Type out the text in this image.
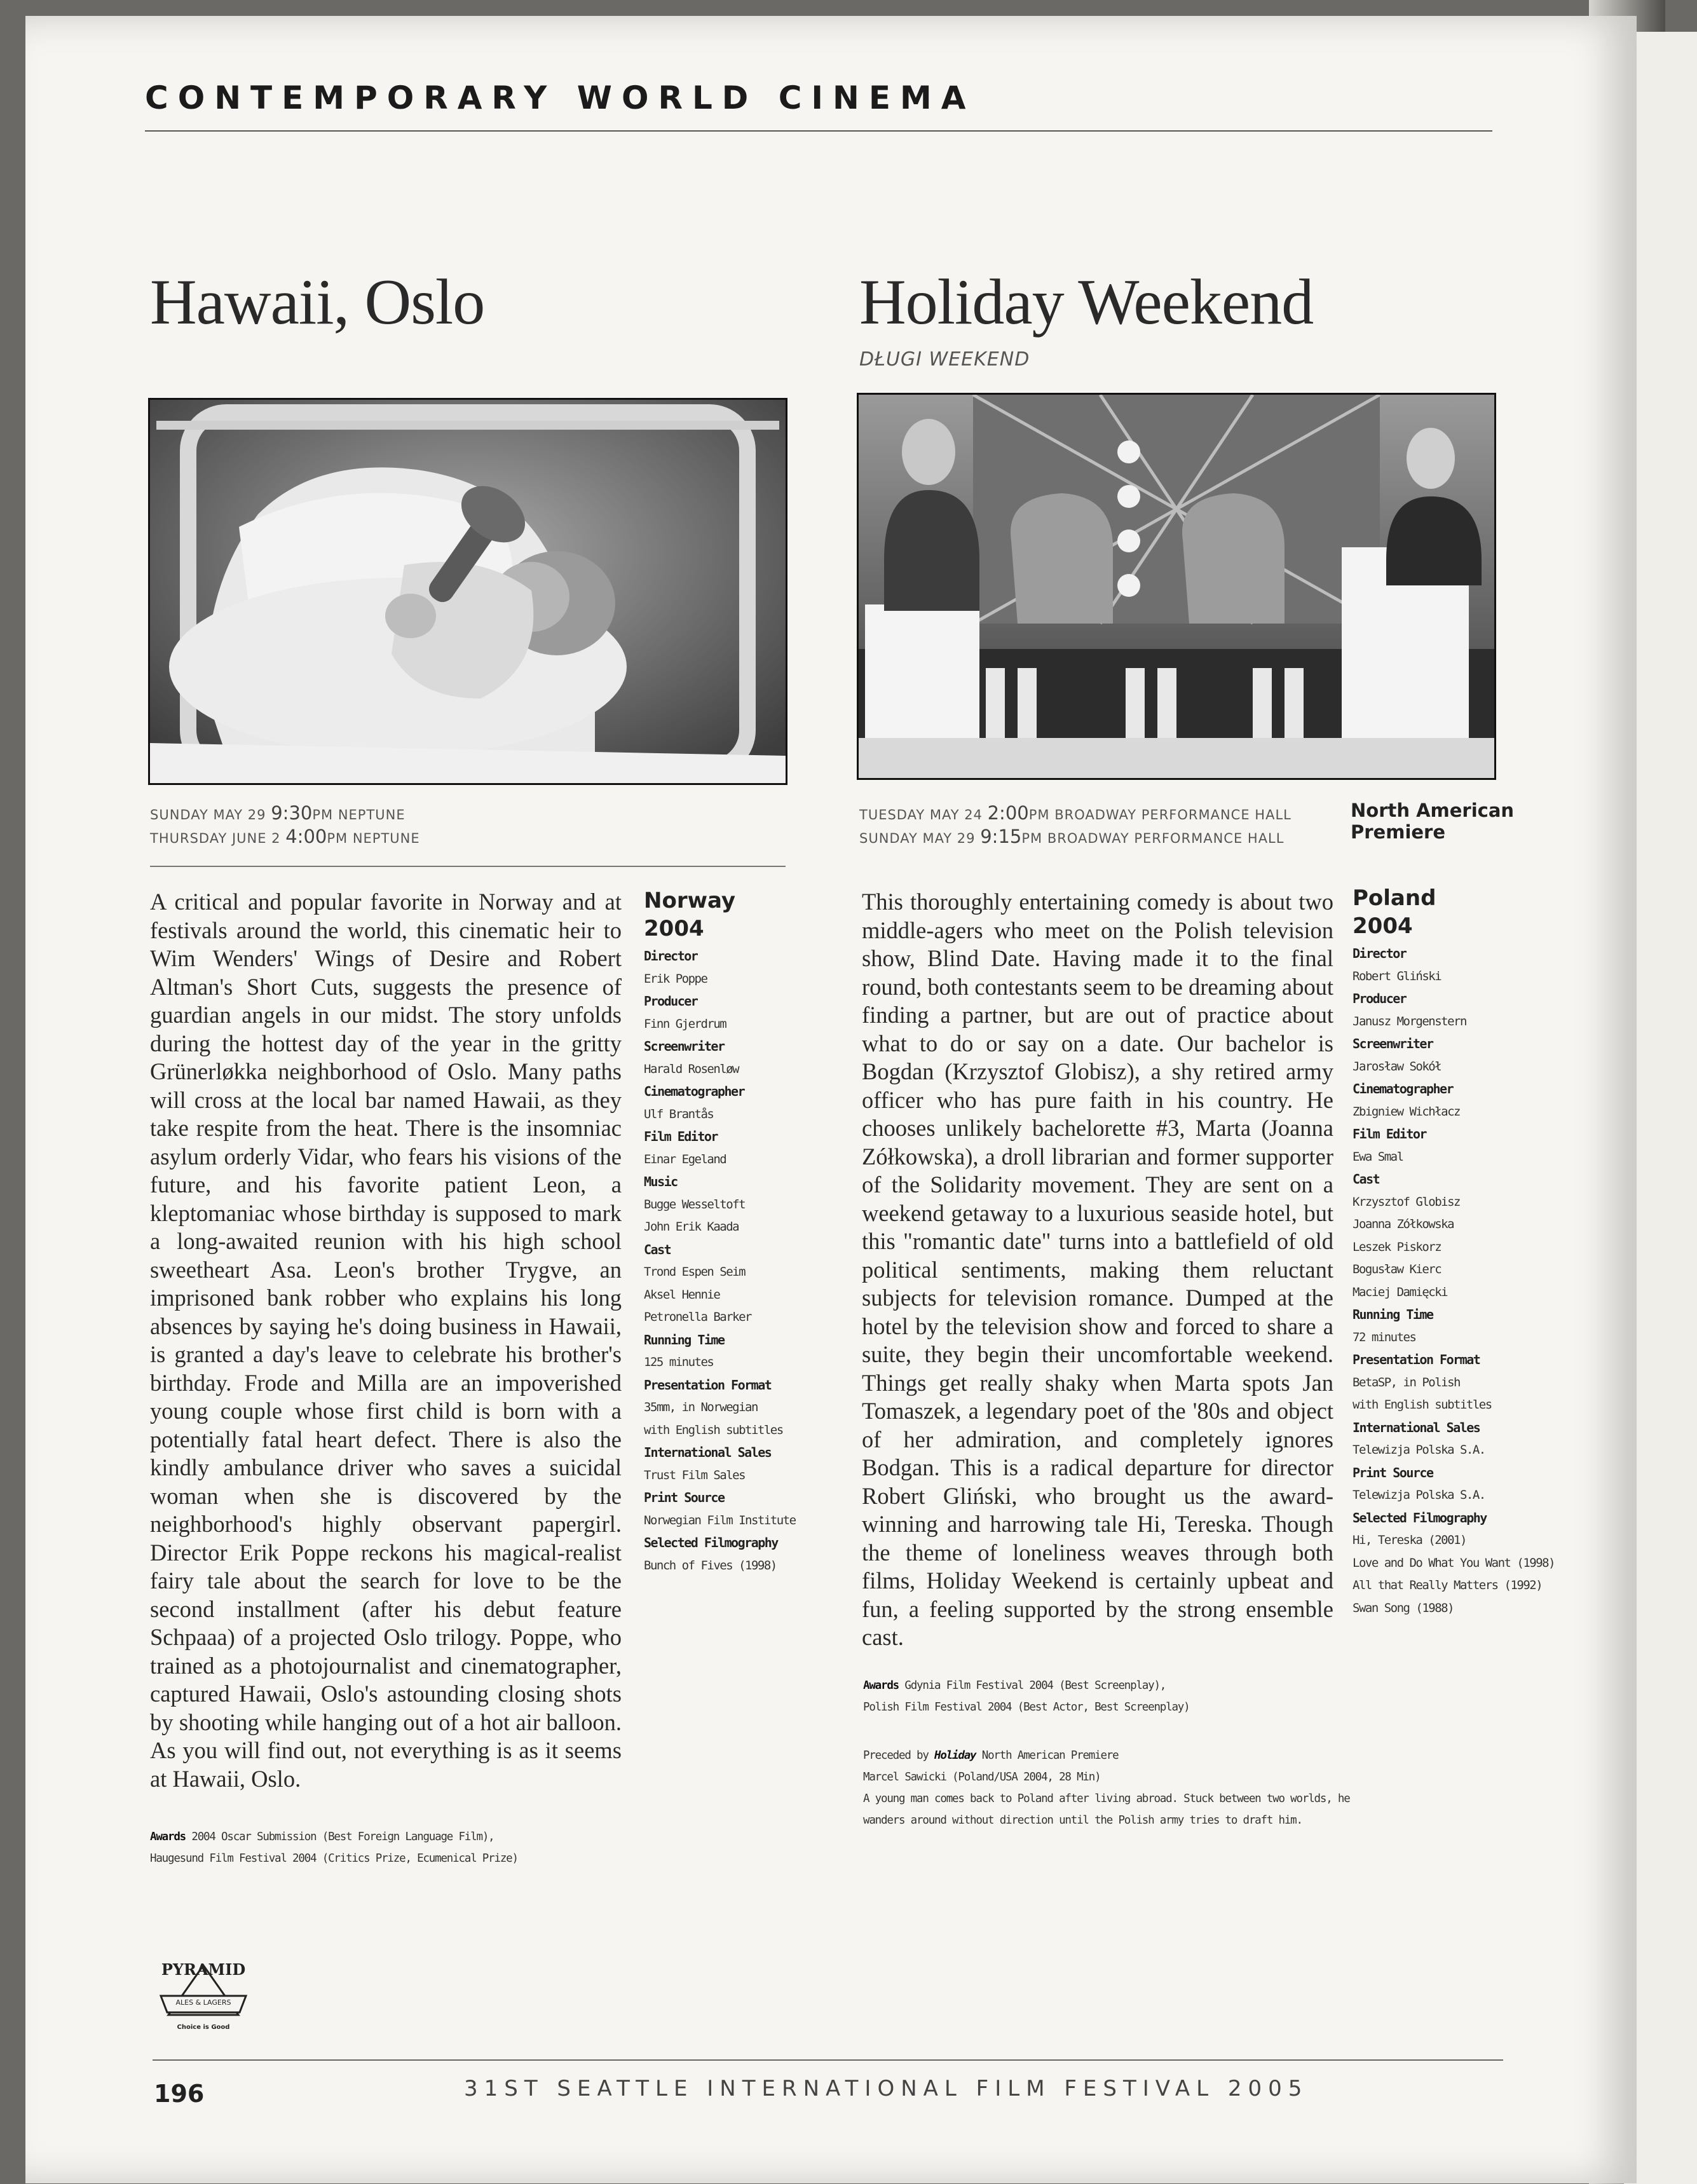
CONTEMPORARY WORLD CINEMA
Hawaii, Oslo
SUNDAY MAY 29 9:30PM NEPTUNE
THURSDAY JUNE 2 4:00PM NEPTUNE

A critical and popular favorite in Norway and at festivals around the world, this cinematic heir to Wim Wenders' Wings of Desire and Robert Altman's Short Cuts, suggests the presence of guardian angels in our midst. The story unfolds during the hottest day of the year in the gritty Grünerløkka neighborhood of Oslo. Many paths will cross at the local bar named Hawaii, as they take respite from the heat. There is the insomniac asylum orderly Vidar, who fears his visions of the future, and his favorite patient Leon, a kleptomaniac whose birthday is supposed to mark a long-awaited reunion with his high school sweetheart Asa. Leon's brother Trygve, an imprisoned bank robber who explains his long absences by saying he's doing business in Hawaii, is granted a day's leave to celebrate his brother's birthday. Frode and Milla are an impoverished young couple whose first child is born with a potentially fatal heart defect. There is also the kindly ambulance driver who saves a suicidal woman when she is discovered by the neighborhood's highly observant papergirl. Director Erik Poppe reckons his magical-realist fairy tale about the search for love to be the second installment (after his debut feature Schpaaa) of a projected Oslo trilogy. Poppe, who trained as a photojournalist and cinematographer, captured Hawaii, Oslo's astounding closing shots by shooting while hanging out of a hot air balloon. As you will find out, not everything is as it seems at Hawaii, Oslo.

Awards 2004 Oscar Submission (Best Foreign Language Film),
Haugesund Film Festival 2004 (Critics Prize, Ecumenical Prize)
Norway
2004
Director
Erik Poppe
Producer
Finn Gjerdrum
Screenwriter
Harald Rosenløw
Cinematographer
Ulf Brantås
Film Editor
Einar Egeland
Music
Bugge Wesseltoft
John Erik Kaada
Cast
Trond Espen Seim
Aksel Hennie
Petronella Barker
Running Time
125 minutes
Presentation Format
35mm, in Norwegian
with English subtitles
International Sales
Trust Film Sales
Print Source
Norwegian Film Institute
Selected Filmography
Bunch of Fives (1998)
Holiday Weekend
DŁUGI WEEKEND
TUESDAY MAY 24 2:00PM BROADWAY PERFORMANCE HALL
SUNDAY MAY 29 9:15PM BROADWAY PERFORMANCE HALL
North American
Premiere

This thoroughly entertaining comedy is about two middle-agers who meet on the Polish television show, Blind Date. Having made it to the final round, both contestants seem to be dreaming about finding a partner, but are out of practice about what to do or say on a date. Our bachelor is Bogdan (Krzysztof Globisz), a shy retired army officer who has pure faith in his country. He chooses unlikely bachelorette #3, Marta (Joanna Zółkowska), a droll librarian and former supporter of the Solidarity movement. They are sent on a weekend getaway to a luxurious seaside hotel, but this "romantic date" turns into a battlefield of old political sentiments, making them reluctant subjects for television romance. Dumped at the hotel by the television show and forced to share a suite, they begin their uncomfortable weekend. Things get really shaky when Marta spots Jan Tomaszek, a legendary poet of the '80s and object of her admiration, and completely ignores Bodgan. This is a radical departure for director Robert Gliński, who brought us the award-winning and harrowing tale Hi, Tereska. Though the theme of loneliness weaves through both films, Holiday Weekend is certainly upbeat and fun, a feeling supported by the strong ensemble cast.

Awards Gdynia Film Festival 2004 (Best Screenplay),
Polish Film Festival 2004 (Best Actor, Best Screenplay)
Preceded by Holiday North American Premiere
Marcel Sawicki (Poland/USA 2004, 28 Min)
A young man comes back to Poland after living abroad. Stuck between two worlds, he
wanders around without direction until the Polish army tries to draft him.
Poland
2004
Director
Robert Gliński
Producer
Janusz Morgenstern
Screenwriter
Jarosław Sokół
Cinematographer
Zbigniew Wichłacz
Film Editor
Ewa Smal
Cast
Krzysztof Globisz
Joanna Zółkowska
Leszek Piskorz
Bogusław Kierc
Maciej Damięcki
Running Time
72 minutes
Presentation Format
BetaSP, in Polish
with English subtitles
International Sales
Telewizja Polska S.A.
Print Source
Telewizja Polska S.A.
Selected Filmography
Hi, Tereska (2001)
Love and Do What You Want (1998)
All that Really Matters (1992)
Swan Song (1988)
PYRAMID
ALES & LAGERS
Choice is Good
196	31ST SEATTLE INTERNATIONAL FILM FESTIVAL 2005
